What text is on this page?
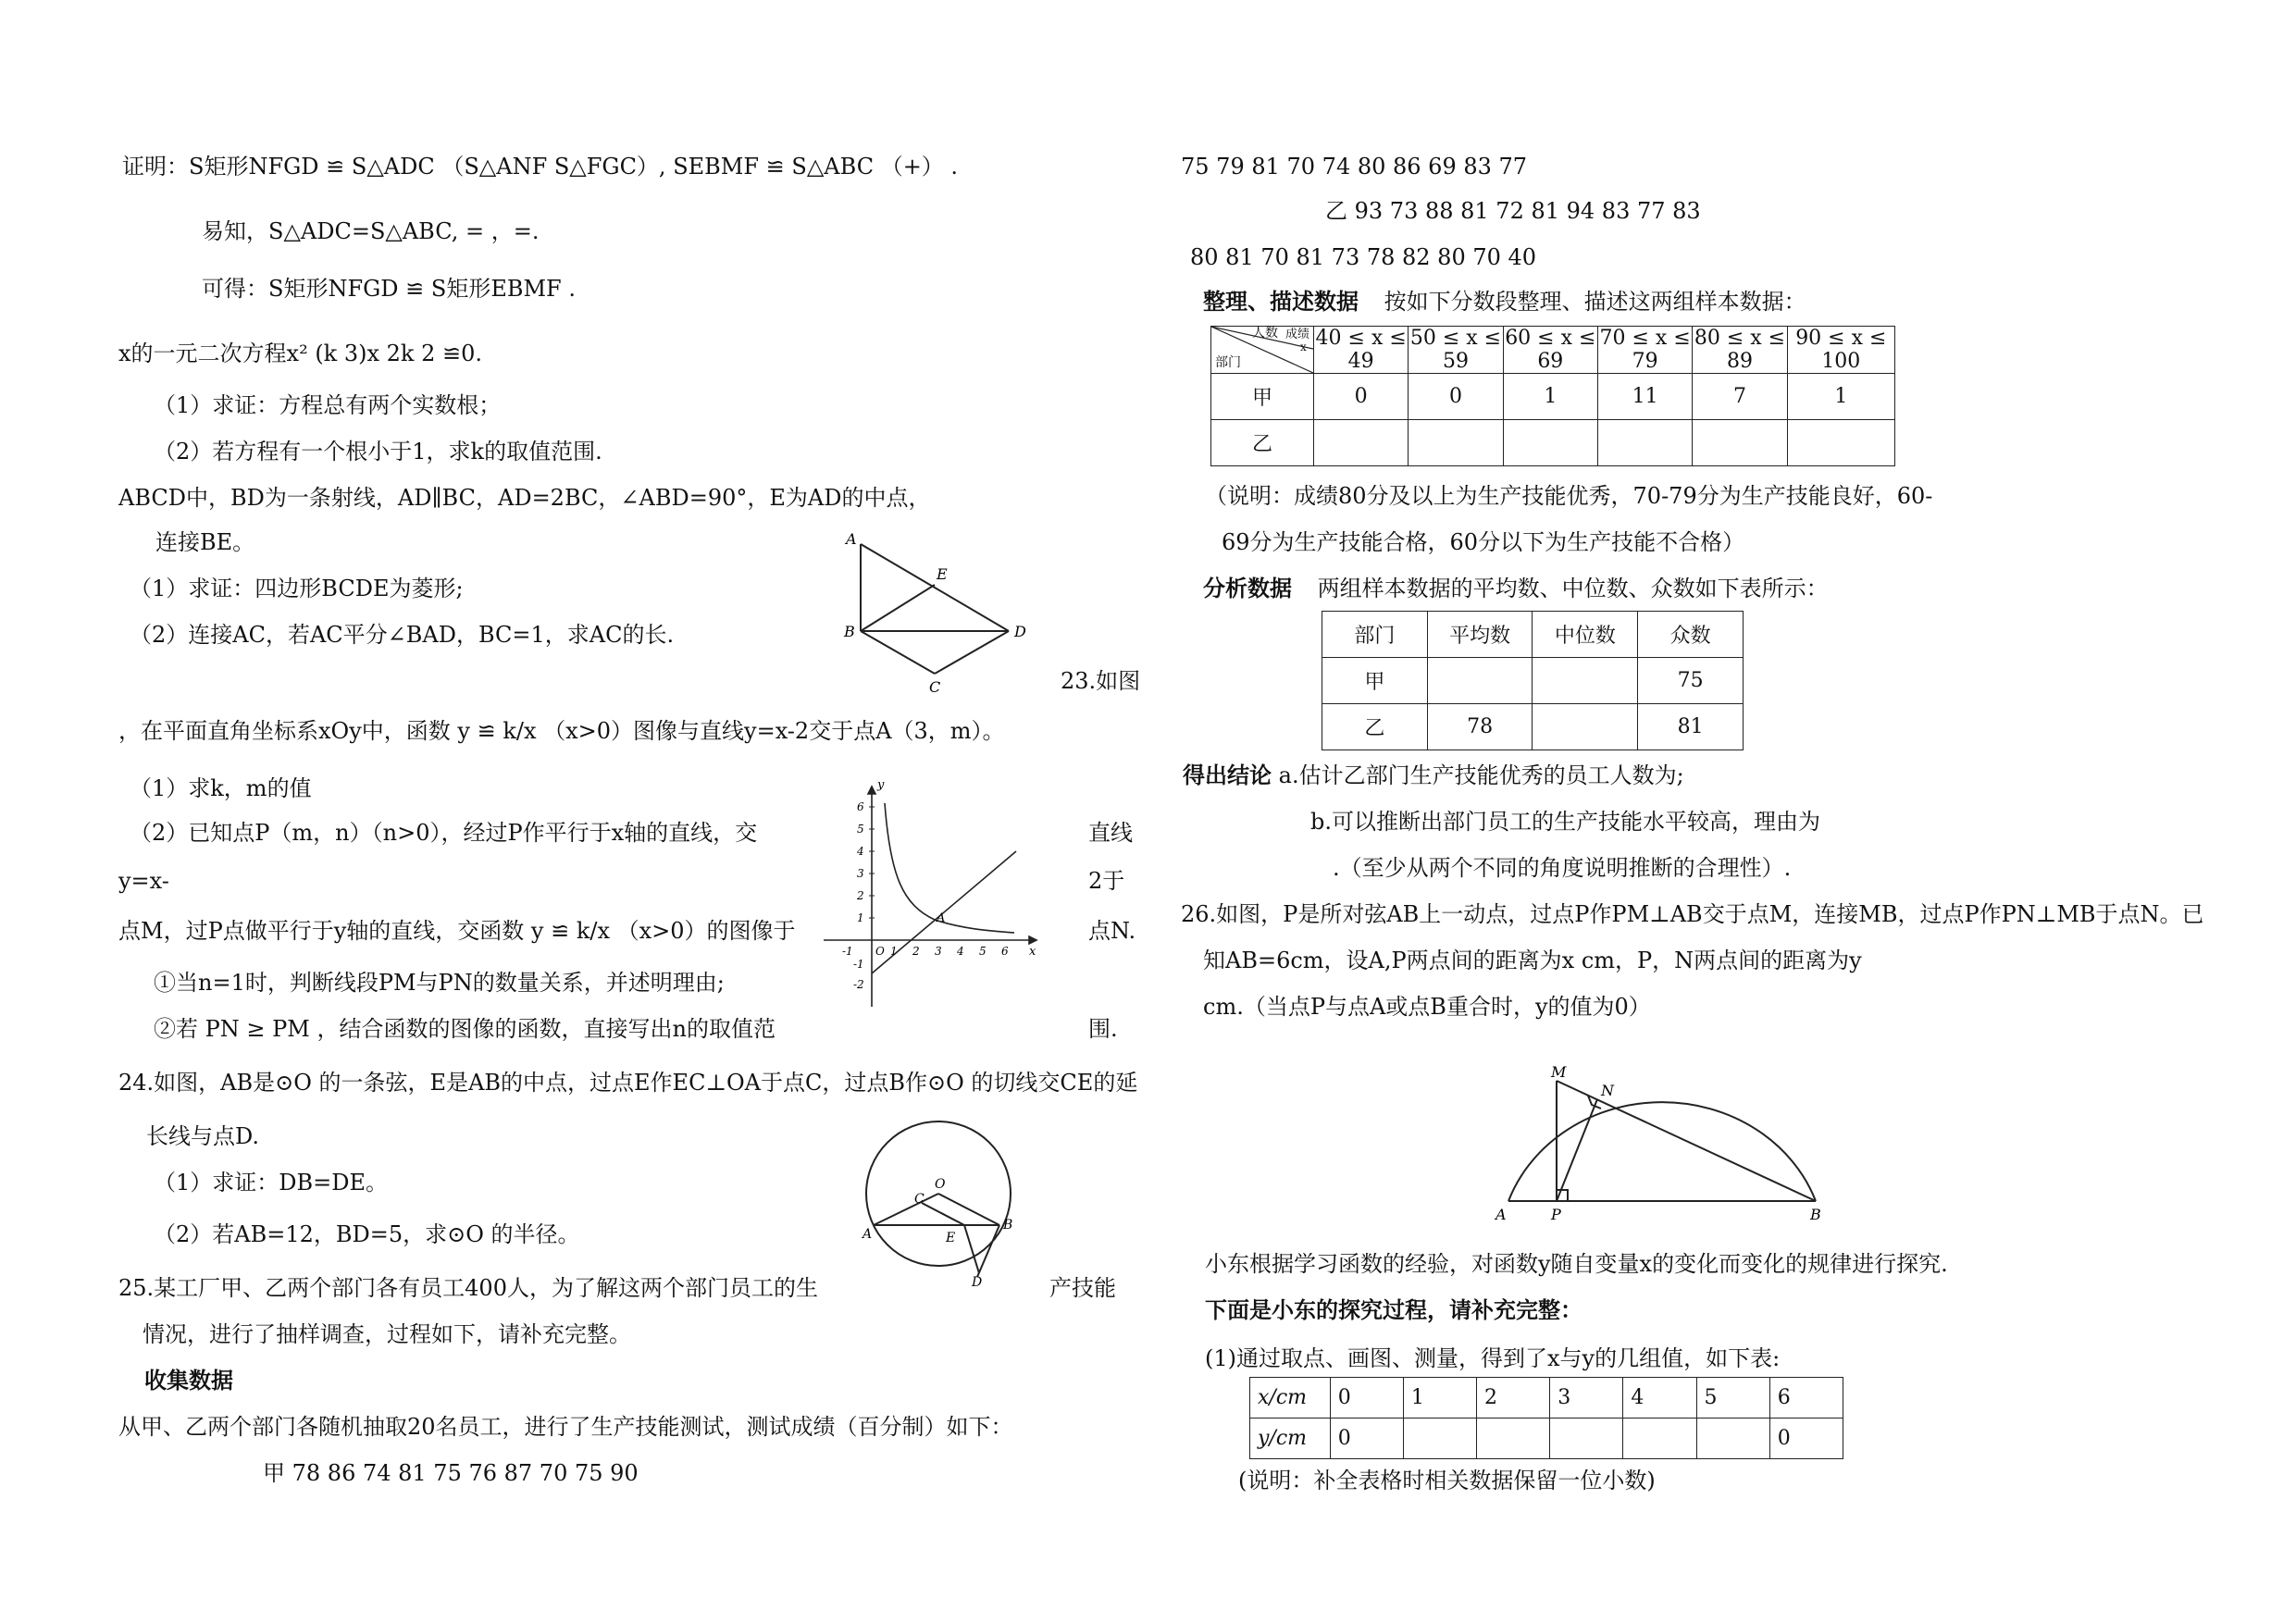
证明：S矩形NFGD ≌ S△ADC （S△ANF S△FGC）, SEBMF ≌ S△ABC （+） .
易知，S△ADC=S△ABC, = ，=.
可得：S矩形NFGD ≌ S矩形EBMF .
x的一元二次方程x² (k 3)x 2k 2 ≌0.
（1）求证：方程总有两个实数根；
（2）若方程有一个根小于1，求k的取值范围.
ABCD中，BD为一条射线，AD∥BC，AD=2BC，∠ABD=90°，E为AD的中点，
连接BE。
（1）求证：四边形BCDE为菱形;
（2）连接AC，若AC平分∠BAD，BC=1，求AC的长.
23.如图
，在平面直角坐标系xOy中，函数 y ≌ k/x （x>0）图像与直线y=x-2交于点A（3，m）。
（1）求k，m的值
（2）已知点P（m，n）（n>0），经过P作平行于x轴的直线，交	直线
y=x-	2于
点M，过P点做平行于y轴的直线，交函数 y ≌ k/x （x>0）的图像于	点N.
①当n=1时，判断线段PM与PN的数量关系，并述明理由;
②若 PN ≥ PM ，结合函数的图像的函数，直接写出n的取值范	围.
24.如图，AB是⊙O 的一条弦，E是AB的中点，过点E作EC⊥OA于点C，过点B作⊙O 的切线交CE的延
长线与点D.
（1）求证：DB=DE。
（2）若AB=12，BD=5，求⊙O 的半径。
25.某工厂甲、乙两个部门各有员工400人，为了解这两个部门员工的生	产技能
情况，进行了抽样调查，过程如下，请补充完整。
收集数据
从甲、乙两个部门各随机抽取20名员工，进行了生产技能测试，测试成绩（百分制）如下：
甲 78 86 74 81 75 76 87 70 75 90
75 79 81 70 74 80 86 69 83 77
乙 93 73 88 81 72 81 94 83 77 83
80 81 70 81 73 78 82 80 70 40
整理、描述数据 按如下分数段整理、描述这两组样本数据：
人数 成绩
x
部门	40 ≤ x ≤ 49	50 ≤ x ≤ 59	60 ≤ x ≤ 69	70 ≤ x ≤ 79	80 ≤ x ≤ 89	90 ≤ x ≤ 100
甲	0	0	1	11	7	1
乙						
（说明：成绩80分及以上为生产技能优秀，70-79分为生产技能良好，60-
69分为生产技能合格，60分以下为生产技能不合格）
分析数据 两组样本数据的平均数、中位数、众数如下表所示：
部门	平均数	中位数	众数
甲			75
乙	78		81
得出结论 a.估计乙部门生产技能优秀的员工人数为;
b.可以推断出部门员工的生产技能水平较高，理由为
.（至少从两个不同的角度说明推断的合理性）.
26.如图，P是所对弦AB上一动点，过点P作PM⊥AB交于点M，连接MB，过点P作PN⊥MB于点N。已
知AB=6cm，设A,P两点间的距离为x cm，P，N两点间的距离为y
cm.（当点P与点A或点B重合时，y的值为0）
小东根据学习函数的经验，对函数y随自变量x的变化而变化的规律进行探究.
下面是小东的探究过程，请补充完整：
(1)通过取点、画图、测量，得到了x与y的几组值，如下表:
x/cm	0	1	2	3	4	5	6
y/cm	0						0
(说明：补全表格时相关数据保留一位小数)
A
B
C
D
E
1
2
3
4
5
6
-1	1 2 3 4 5 6
-1
-2
O	x
y
A
O
C
A
B
E
D
M
N
A	P	B
